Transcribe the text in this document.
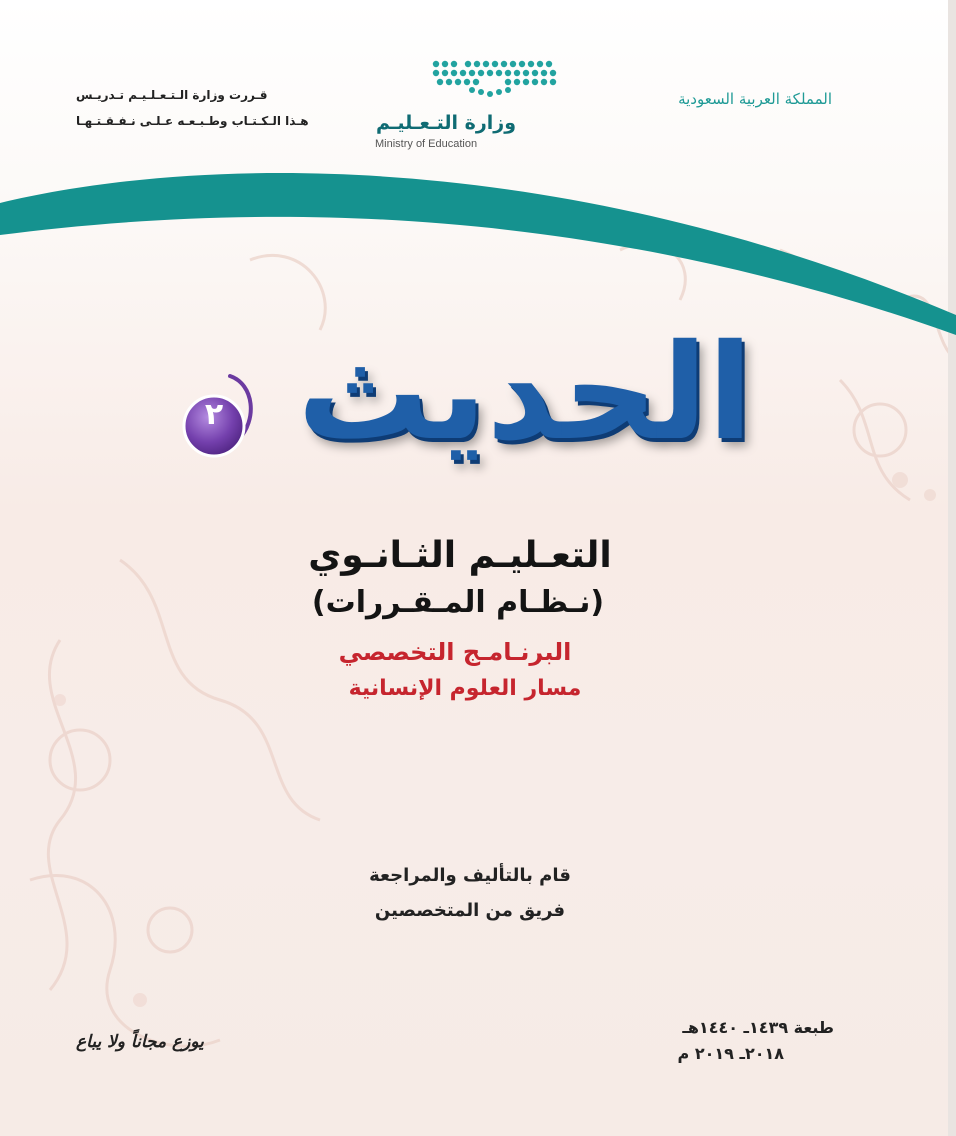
المملكة العربية السعودية
قـررت وزارة الـتـعـلـيـم تـدريـس
هـذا الـكـتـاب وطـبـعـه عـلـى نـفـقـتـهـا	وزارة التـعـليـم
Ministry of Education
الحديث
٢
التعـليـم الثـانـوي
(نـظـام المـقـررات)
البرنـامـج التخصصي
مسار العلوم الإنسانية
قام بالتأليف والمراجعة
فريق من المتخصصين
طبعة ١٤٣٩ـ ١٤٤٠هـ
٢٠١٨ـ ٢٠١٩ م
يوزع مجاناً ولا يباع
